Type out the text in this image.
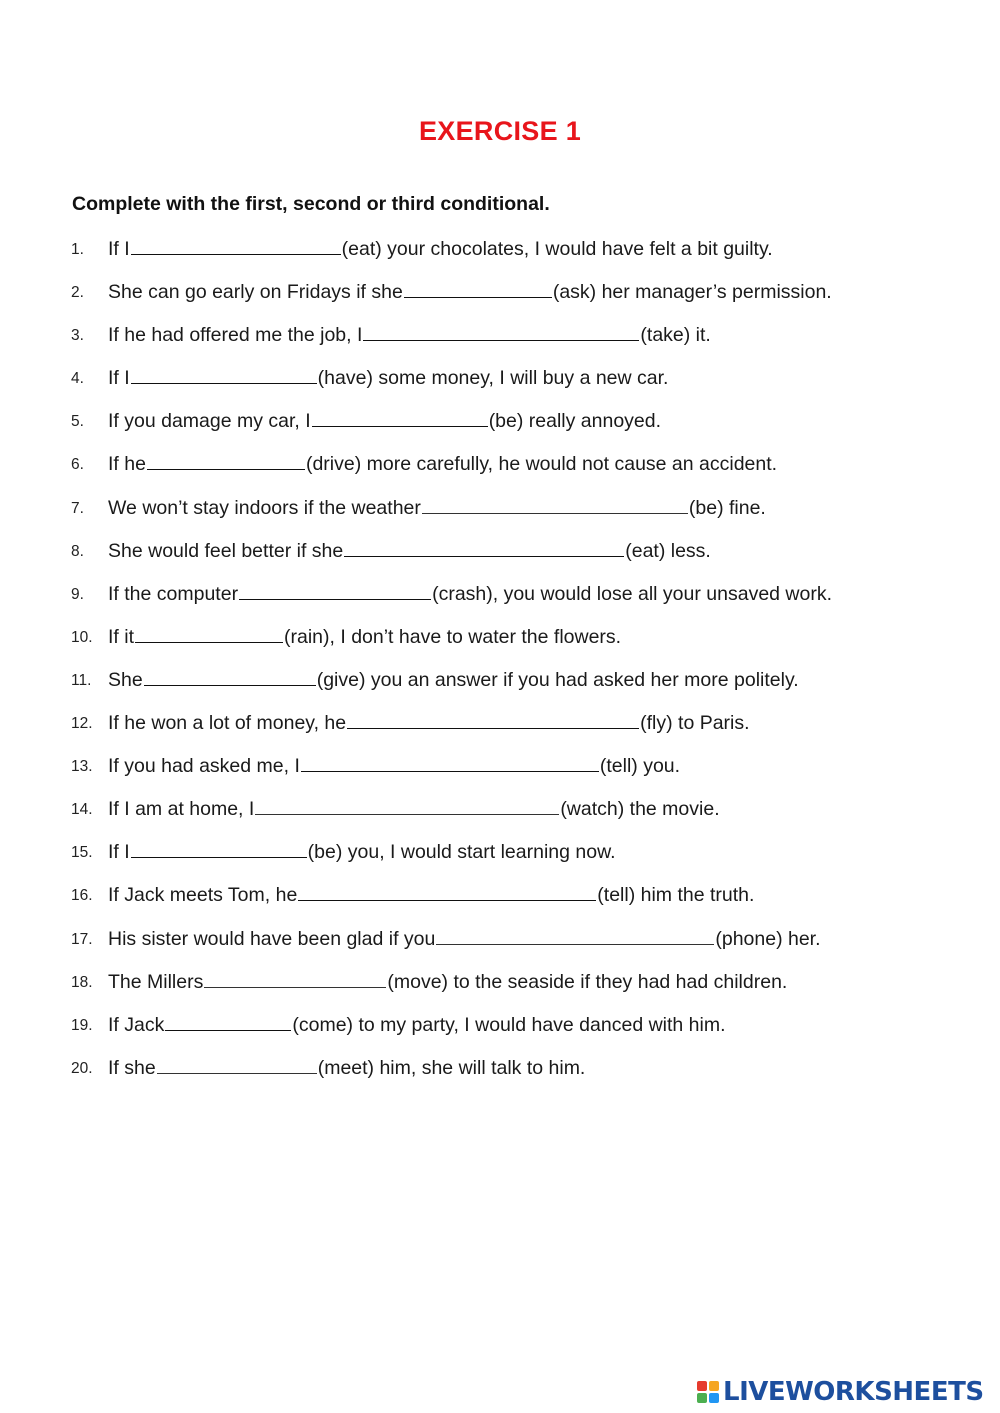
EXERCISE 1
Complete with the first, second or third conditional.
1. If I	(eat) your chocolates, I would have felt a bit guilty.
2. She can go early on Fridays if she	(ask) her manager’s permission.
3. If he had offered me the job, I	(take) it.
4. If I	(have) some money, I will buy a new car.
5. If you damage my car, I	(be) really annoyed.
6. If he	(drive) more carefully, he would not cause an accident.
7. We won’t stay indoors if the weather	(be) fine.
8. She would feel better if she	(eat) less.
9. If the computer	(crash), you would lose all your unsaved work.
10. If it	(rain), I don’t have to water the flowers.
11. She	(give) you an answer if you had asked her more politely.
12. If he won a lot of money, he	(fly) to Paris.
13. If you had asked me, I	(tell) you.
14. If I am at home, I	(watch) the movie.
15. If I	(be) you, I would start learning now.
16. If Jack meets Tom, he	(tell) him the truth.
17. His sister would have been glad if you	(phone) her.
18. The Millers	(move) to the seaside if they had had children.
19. If Jack	(come) to my party, I would have danced with him.
20. If she	(meet) him, she will talk to him.
LIVEWORKSHEETS
